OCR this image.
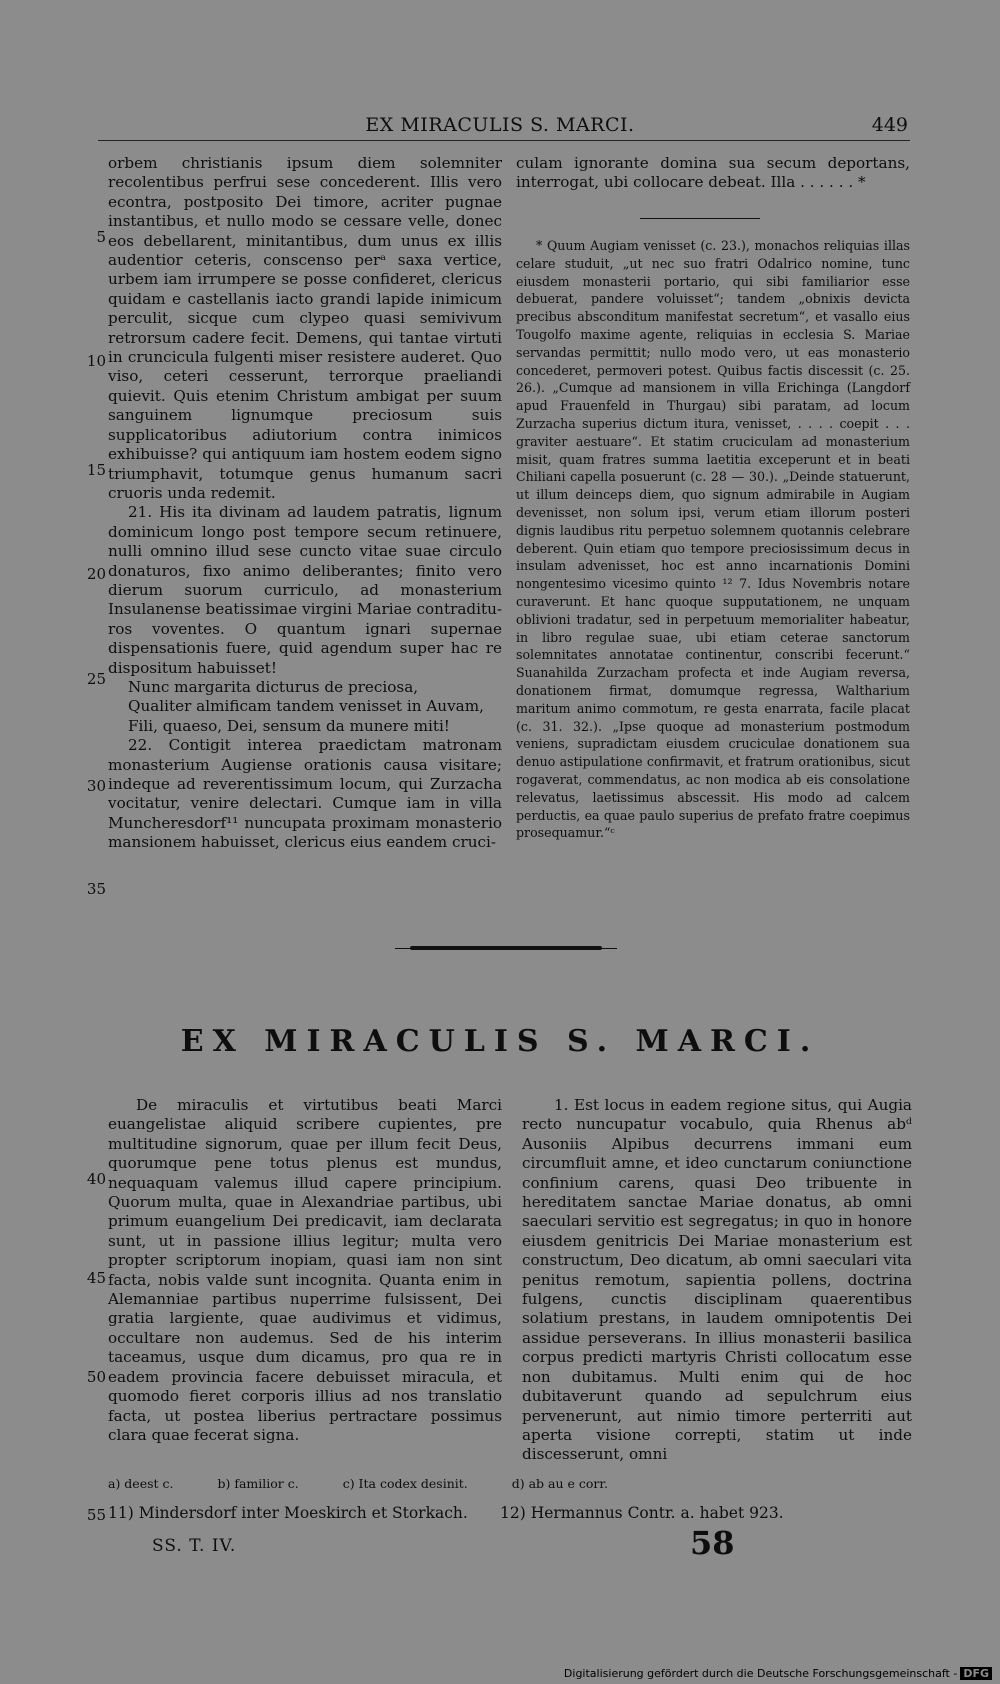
EX MIRACULIS S. MARCI.	449
5
10
15
20
25
30
35

orbem christianis ipsum diem solemniter recolentibus perfrui sese concederent. Illis vero econtra, postposito Dei timore, acriter pugnae instantibus, et nullo modo se cessare velle, donec eos debellarent, minitantibus, dum unus ex illis audentior ceteris, conscenso perᵃ saxa vertice, urbem iam irrumpere se posse confideret, clericus quidam e castellanis iacto grandi lapide inimicum perculit, sicque cum clypeo quasi semivivum retrorsum cadere fecit. Demens, qui tantae virtuti in cruncicula fulgenti miser resistere auderet. Quo viso, ceteri cesserunt, terrorque praeliandi quievit. Quis etenim Christum ambigat per suum sanguinem lignumque preciosum suis supplicatoribus adiutorium contra inimicos exhibuisse? qui antiquum iam hostem eodem signo triumphavit, totumque genus humanum sacri cruoris unda redemit.

21. His ita divinam ad laudem patratis, lignum dominicum longo post tempore secum retinuere, nulli omnino illud sese cuncto vitae suae circulo donaturos, fixo animo deliberantes; finito vero dierum suorum curriculo, ad monasterium Insulanense beatissimae virgini Mariae contradituros voventes. O quantum ignari supernae dispensationis fuere, quid agendum super hac re dispositum habuisset!

Nunc margarita dicturus de preciosa,
Qualiter almificam tandem venisset in Auvam,
Fili, quaeso, Dei, sensum da munere miti!

22. Contigit interea praedictam matronam monasterium Augiense orationis causa visitare; indeque ad reverentissimum locum, qui Zurzacha vocitatur, venire delectari. Cumque iam in villa Muncheresdorf¹¹ nuncupata proximam monasterio mansionem habuisset, clericus eius eandem cruci-

culam ignorante domina sua secum deportans, interrogat, ubi collocare debeat. Illa . . . . . . *

* Quum Augiam venisset (c. 23.), monachos reliquias illas celare studuit, „ut nec suo fratri Odalrico nomine, tunc eiusdem monasterii portario, qui sibi familiarior esse debuerat, pandere voluisset“; tandem „obnixis devicta precibus absconditum manifestat secretum“, et vasallo eius Tougolfo maxime agente, reliquias in ecclesia S. Mariae servandas permittit; nullo modo vero, ut eas monasterio concederet, permoveri potest. Quibus factis discessit (c. 25. 26.). „Cumque ad mansionem in villa Erichinga (Langdorf apud Frauenfeld in Thurgau) sibi paratam, ad locum Zurzacha superius dictum itura, venisset, . . . . coepit . . . graviter aestuare“. Et statim cruciculam ad monasterium misit, quam fratres summa laetitia exceperunt et in beati Chiliani capella posuerunt (c. 28 — 30.). „Deinde statuerunt, ut illum deinceps diem, quo signum admirabile in Augiam devenisset, non solum ipsi, verum etiam illorum posteri dignis laudibus ritu perpetuo solemnem quotannis celebrare deberent. Quin etiam quo tempore preciosissimum decus in insulam advenisset, hoc est anno incarnationis Domini nongentesimo vicesimo quinto ¹² 7. Idus Novembris notare curaverunt. Et hanc quoque supputationem, ne unquam oblivioni tradatur, sed in perpetuum memorialiter habeatur, in libro regulae suae, ubi etiam ceterae sanctorum solemnitates annotatae continentur, conscribi fecerunt.“ Suanahilda Zurzacham profecta et inde Augiam reversa, donationem firmat, domumque regressa, Waltharium maritum animo commotum, re gesta enarrata, facile placat (c. 31. 32.). „Ipse quoque ad monasterium postmodum veniens, supradictam eiusdem cruciculae donationem sua denuo astipulatione confirmavit, et fratrum orationibus, sicut rogaverat, commendatus, ac non modica ab eis consolatione relevatus, laetissimus abscessit. His modo ad calcem perductis, ea quae paulo superius de prefato fratre coepimus prosequamur.“ᶜ

EX MIRACULIS S. MARCI.
40
45
50
55

De miraculis et virtutibus beati Marci euangelistae aliquid scribere cupientes, pre multitudine signorum, quae per illum fecit Deus, quorumque pene totus plenus est mundus, nequaquam valemus illud capere principium. Quorum multa, quae in Alexandriae partibus, ubi primum euangelium Dei predicavit, iam declarata sunt, ut in passione illius legitur; multa vero propter scriptorum inopiam, quasi iam non sint facta, nobis valde sunt incognita. Quanta enim in Alemanniae partibus nuperrime fulsissent, Dei gratia largiente, quae audivimus et vidimus, occultare non audemus. Sed de his interim taceamus, usque dum dicamus, pro qua re in eadem provincia facere debuisset miracula, et quomodo fieret corporis illius ad nos translatio facta, ut postea liberius pertractare possimus clara quae fecerat signa.

1. Est locus in eadem regione situs, qui Augia recto nuncupatur vocabulo, quia Rhenus abᵈ Ausoniis Alpibus decurrens immani eum circumfluit amne, et ideo cunctarum coniunctione confinium carens, quasi Deo tribuente in hereditatem sanctae Mariae donatus, ab omni saeculari servitio est segregatus; in quo in honore eiusdem genitricis Dei Mariae monasterium est constructum, Deo dicatum, ab omni saeculari vita penitus remotum, sapientia pollens, doctrina fulgens, cunctis disciplinam quaerentibus solatium prestans, in laudem omnipotentis Dei assidue perseverans. In illius monasterii basilica corpus predicti martyris Christi collocatum esse non dubitamus. Multi enim qui de hoc dubitaverunt quando ad sepulchrum eius pervenerunt, aut nimio timore perterriti aut aperta visione correpti, statim ut inde discesserunt, omni

a) deest c.	b) familior c.	c) Ita codex desinit.	d) ab au e corr.
11) Mindersdorf inter Moeskirch et Storkach. 12) Hermannus Contr. a. habet 923.
SS. T. IV.	58
Digitalisierung gefördert durch die Deutsche Forschungsgemeinschaft - DFG
